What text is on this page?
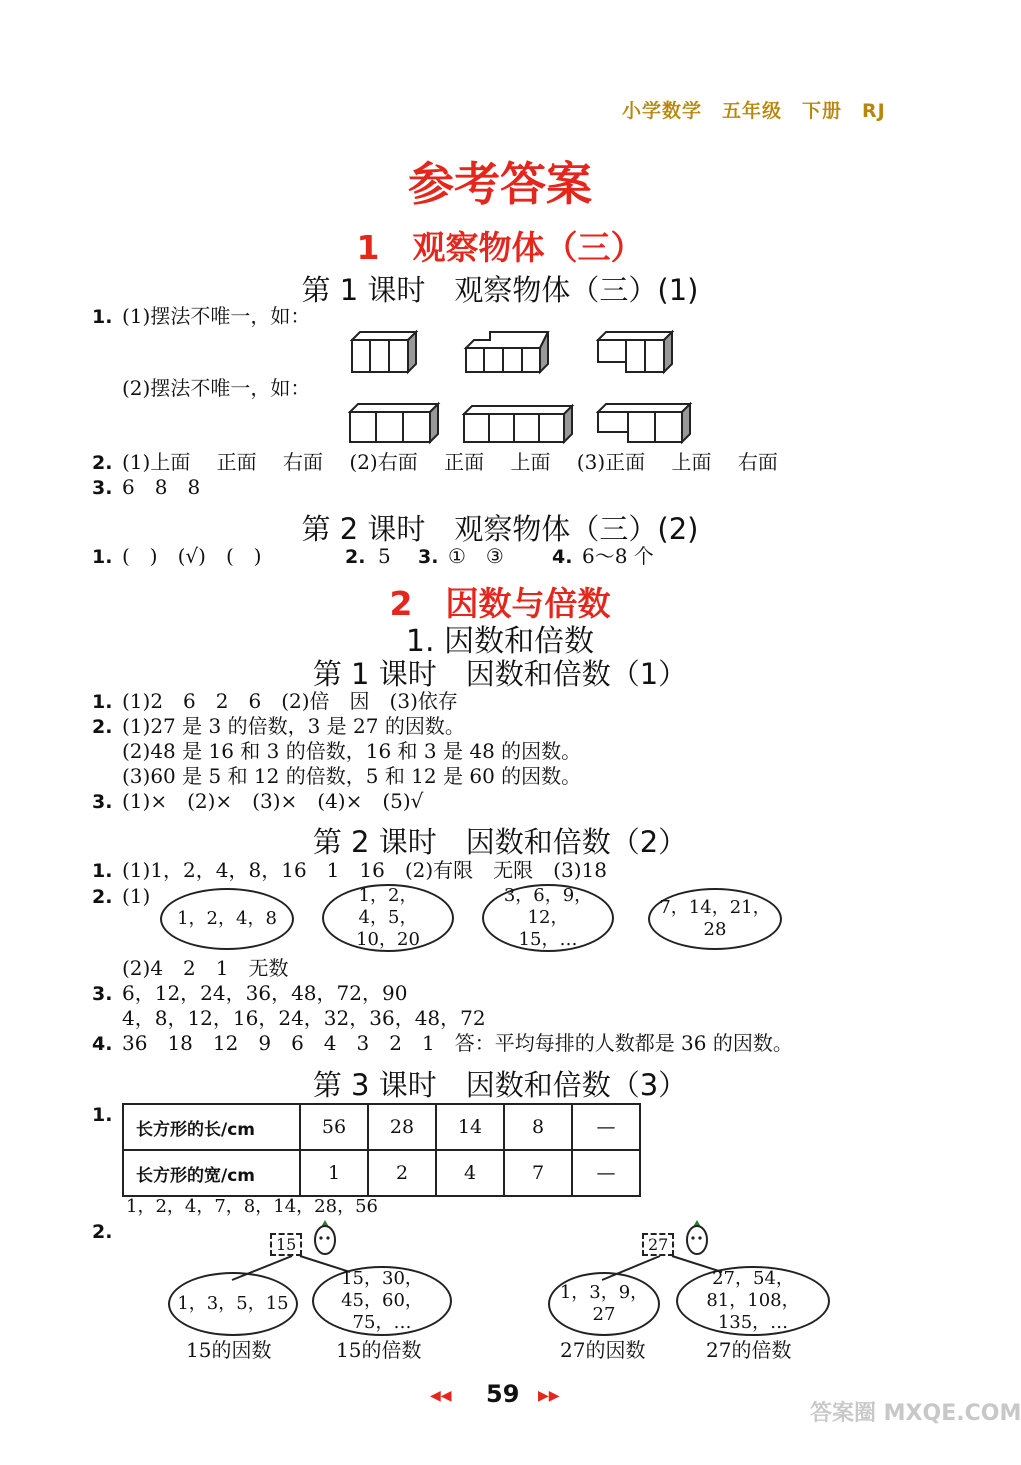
小学数学　五年级　下册　RJ
参考答案
1　观察物体（三）
第 1 课时　观察物体（三）(1)
1. (1)摆法不唯一，如：
(2)摆法不唯一，如：
2. (1)上面　 正面 　右面 　(2)右面 　正面 　上面 　(3)正面 　上面 　右面
3. 6　8　8
第 2 课时　观察物体（三）(2)
1. (　)　(√)　(　)	2. 5 3. ①　③	4. 6～8 个
2　因数与倍数
1. 因数和倍数
第 1 课时　因数和倍数（1）
1. (1)2　6　2　6　(2)倍　因　(3)依存
2. (1)27 是 3 的倍数，3 是 27 的因数。
(2)48 是 16 和 3 的倍数，16 和 3 是 48 的因数。
(3)60 是 5 和 12 的倍数，5 和 12 是 60 的因数。
3. (1)×　(2)×　(3)×　(4)×　(5)√
第 2 课时　因数和倍数（2）
1. (1)1，2，4，8，16　1　16　(2)有限　无限　(3)18
2. (1)
1，2，4，8
1，2，4，5，10，20
3，6，9，12，15，…
7，14，21，28
(2)4　2　1　无数
3. 6，12，24，36，48，72，90
4，8，12，16，24，32，36，48，72
4. 36　18　12　9　6　4　3　2　1　答：平均每排的人数都是 36 的因数。
第 3 课时　因数和倍数（3）
1.
长方形的长/cm	56	28	14	8	—
长方形的宽/cm	1	2	4	7	—
1，2，4，7，8，14，28，56
2.
15
1，3，5，15
15，30，45，60，75，…
15的因数	15的倍数
27
1，3，9，27
27，54，81，108，135，…
27的因数	27的倍数
◀◀ 59 ▶▶
答案圈 MXQE.COM
